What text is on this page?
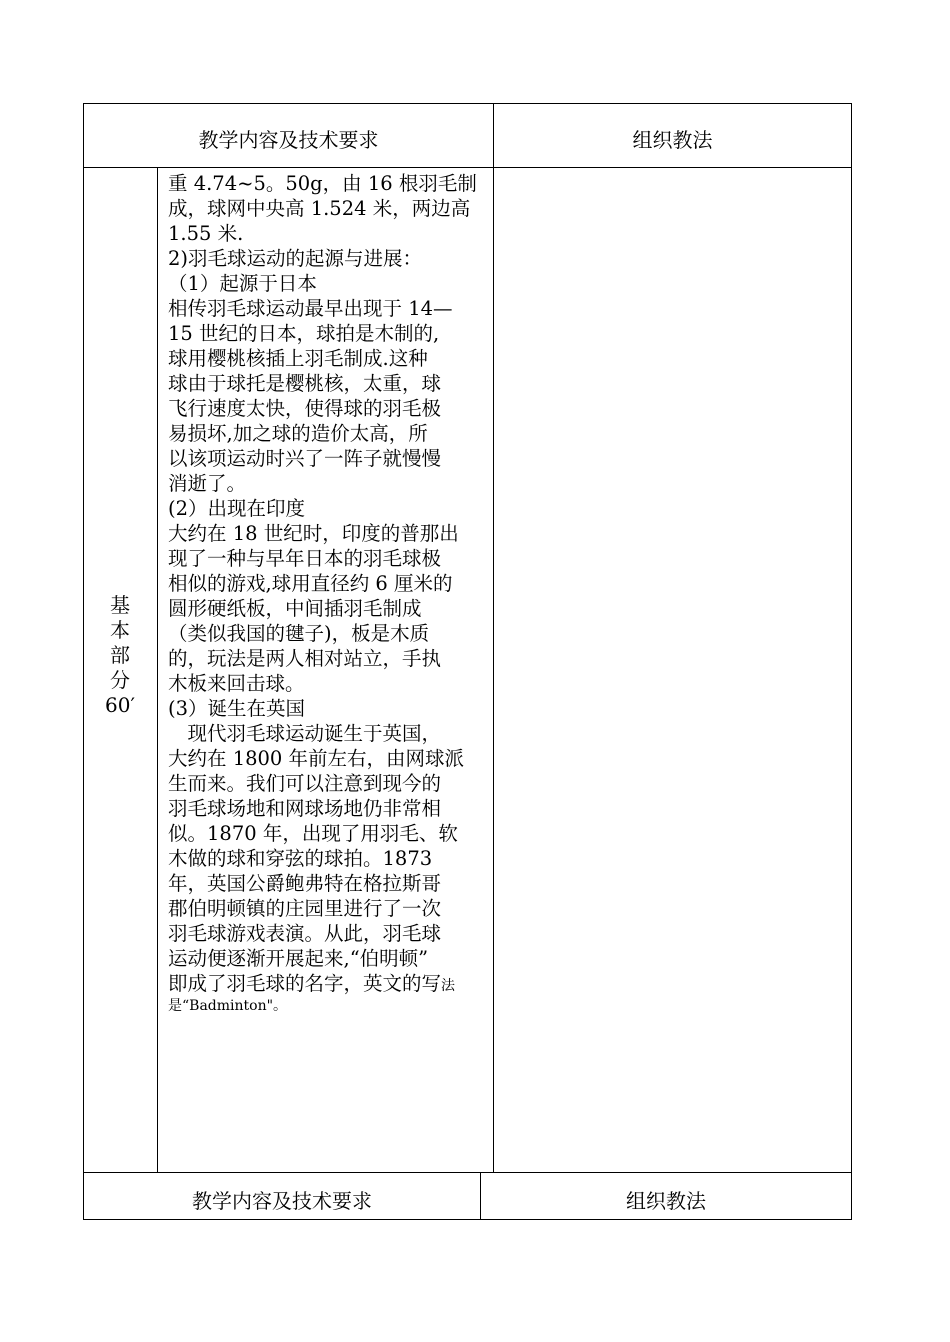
教学内容及技术要求	组织教法
基
本
部
分
60′
重 4.74~5。50g，由 16 根羽毛制
成，球网中央高 1.524 米，两边高
1.55 米.
2)羽毛球运动的起源与进展：
（1）起源于日本
相传羽毛球运动最早出现于 14—
15 世纪的日本，球拍是木制的,
球用樱桃核插上羽毛制成.这种
球由于球托是樱桃核，太重，球
飞行速度太快，使得球的羽毛极
易损坏,加之球的造价太高，所
以该项运动时兴了一阵子就慢慢
消逝了。
(2）出现在印度
大约在 18 世纪时，印度的普那出
现了一种与早年日本的羽毛球极
相似的游戏,球用直径约 6 厘米的
圆形硬纸板，中间插羽毛制成
（类似我国的毽子)，板是木质
的，玩法是两人相对站立，手执
木板来回击球。
(3）诞生在英国
　现代羽毛球运动诞生于英国，
大约在 1800 年前左右，由网球派
生而来。我们可以注意到现今的
羽毛球场地和网球场地仍非常相
似。1870 年，出现了用羽毛、软
木做的球和穿弦的球拍。1873
年，英国公爵鲍弗特在格拉斯哥
郡伯明顿镇的庄园里进行了一次
羽毛球游戏表演。从此，羽毛球
运动便逐渐开展起来,“伯明顿”
即成了羽毛球的名字，英文的写法
是“Badminton"。
教学内容及技术要求	组织教法
